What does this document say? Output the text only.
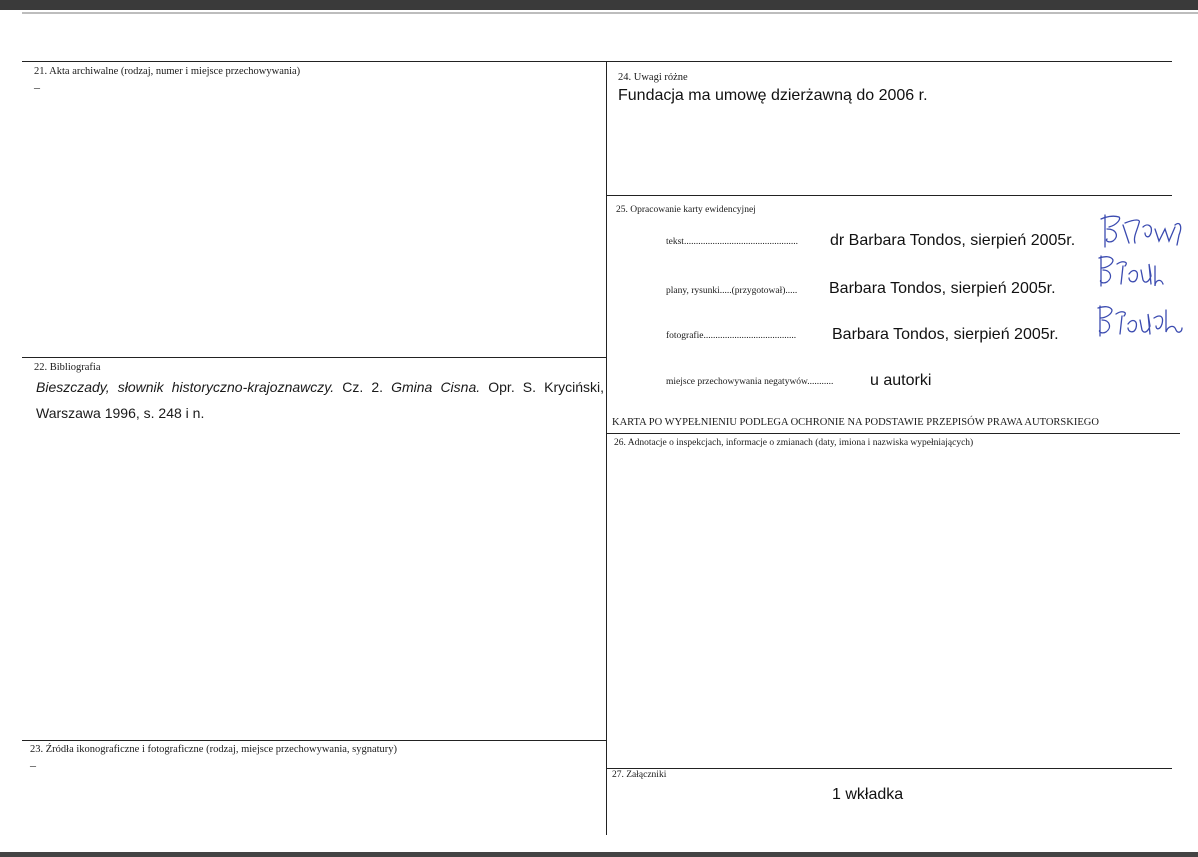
21. Akta archiwalne (rodzaj, numer i miejsce przechowywania)
–
22. Bibliografia
Bieszczady, słownik historyczno-krajoznawczy. Cz. 2. Gmina Cisna. Opr. S. Kryciński, Warszawa 1996, s. 248 i n.
23. Źródła ikonograficzne i fotograficzne (rodzaj, miejsce przechowywania, sygnatury)
–
24. Uwagi różne
Fundacja ma umowę dzierżawną do 2006 r.
25. Opracowanie karty ewidencyjnej
tekst................................................ dr Barbara Tondos, sierpień 2005r.
plany, rysunki.....(przygotował)..... Barbara Tondos, sierpień 2005r.
fotografie....................................... Barbara Tondos, sierpień 2005r.
miejsce przechowywania negatywów........... u autorki
KARTA PO WYPEŁNIENIU PODLEGA OCHRONIE NA PODSTAWIE PRZEPISÓW PRAWA AUTORSKIEGO
26. Adnotacje o inspekcjach, informacje o zmianach (daty, imiona i nazwiska wypełniających)
27. Załączniki
1 wkładka
